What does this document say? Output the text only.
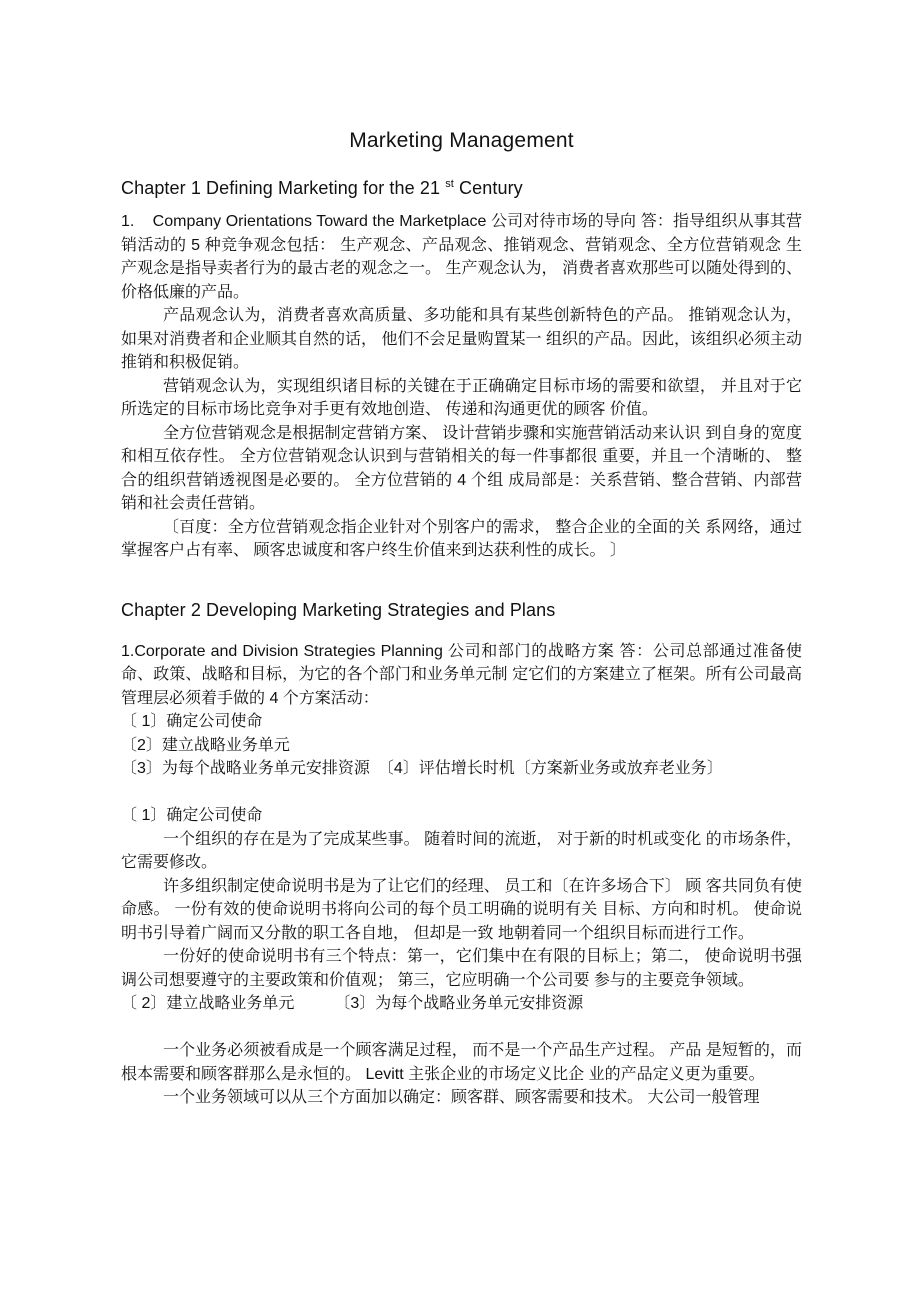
Marketing Management
Chapter 1 Defining Marketing for the 21 $^{st}$ Century

1.    Company Orientations Toward the Marketplace 公司对待市场的导向 答：指导组织从事其营销活动的 5 种竞争观念包括： 生产观念、产品观念、推销观念、营销观念、全方位营销观念 生产观念是指导卖者行为的最古老的观念之一。 生产观念认为， 消费者喜欢那些可以随处得到的、价格低廉的产品。

产品观念认为，消费者喜欢高质量、多功能和具有某些创新特色的产品。 推销观念认为， 如果对消费者和企业顺其自然的话， 他们不会足量购置某一 组织的产品。因此，该组织必须主动推销和积极促销。

营销观念认为，实现组织诸目标的关键在于正确确定目标市场的需要和欲望， 并且对于它所选定的目标市场比竞争对手更有效地创造、 传递和沟通更优的顾客 价值。

全方位营销观念是根据制定营销方案、 设计营销步骤和实施营销活动来认识 到自身的宽度和相互依存性。 全方位营销观念认识到与营销相关的每一件事都很 重要，并且一个清晰的、 整合的组织营销透视图是必要的。 全方位营销的 4 个组 成局部是：关系营销、整合营销、内部营销和社会责任营销。

〔百度：全方位营销观念指企业针对个别客户的需求， 整合企业的全面的关 系网络，通过掌握客户占有率、 顾客忠诚度和客户终生价值来到达获利性的成长。 〕

Chapter 2 Developing Marketing Strategies and Plans

1.Corporate and Division Strategies Planning 公司和部门的战略方案 答：公司总部通过准备使命、政策、战略和目标，为它的各个部门和业务单元制 定它们的方案建立了框架。所有公司最高管理层必须着手做的 4 个方案活动：

〔 1〕确定公司使命

〔2〕建立战略业务单元

〔3〕为每个战略业务单元安排资源　〔4〕评估增长时机〔方案新业务或放弃老业务〕

〔 1〕确定公司使命

一个组织的存在是为了完成某些事。 随着时间的流逝， 对于新的时机或变化 的市场条件，它需要修改。

许多组织制定使命说明书是为了让它们的经理、 员工和〔在许多场合下〕 顾 客共同负有使命感。 一份有效的使命说明书将向公司的每个员工明确的说明有关 目标、方向和时机。 使命说明书引导着广阔而又分散的职工各自地， 但却是一致 地朝着同一个组织目标而进行工作。

一份好的使命说明书有三个特点：第一，它们集中在有限的目标上；第二， 使命说明书强调公司想要遵守的主要政策和价值观； 第三，它应明确一个公司要 参与的主要竞争领域。

〔 2〕建立战略业务单元　　　〔3〕为每个战略业务单元安排资源

一个业务必须被看成是一个顾客满足过程， 而不是一个产品生产过程。 产品 是短暂的，而根本需要和顾客群那么是永恒的。 Levitt 主张企业的市场定义比企 业的产品定义更为重要。

一个业务领域可以从三个方面加以确定：顾客群、顾客需要和技术。 大公司一般管理
